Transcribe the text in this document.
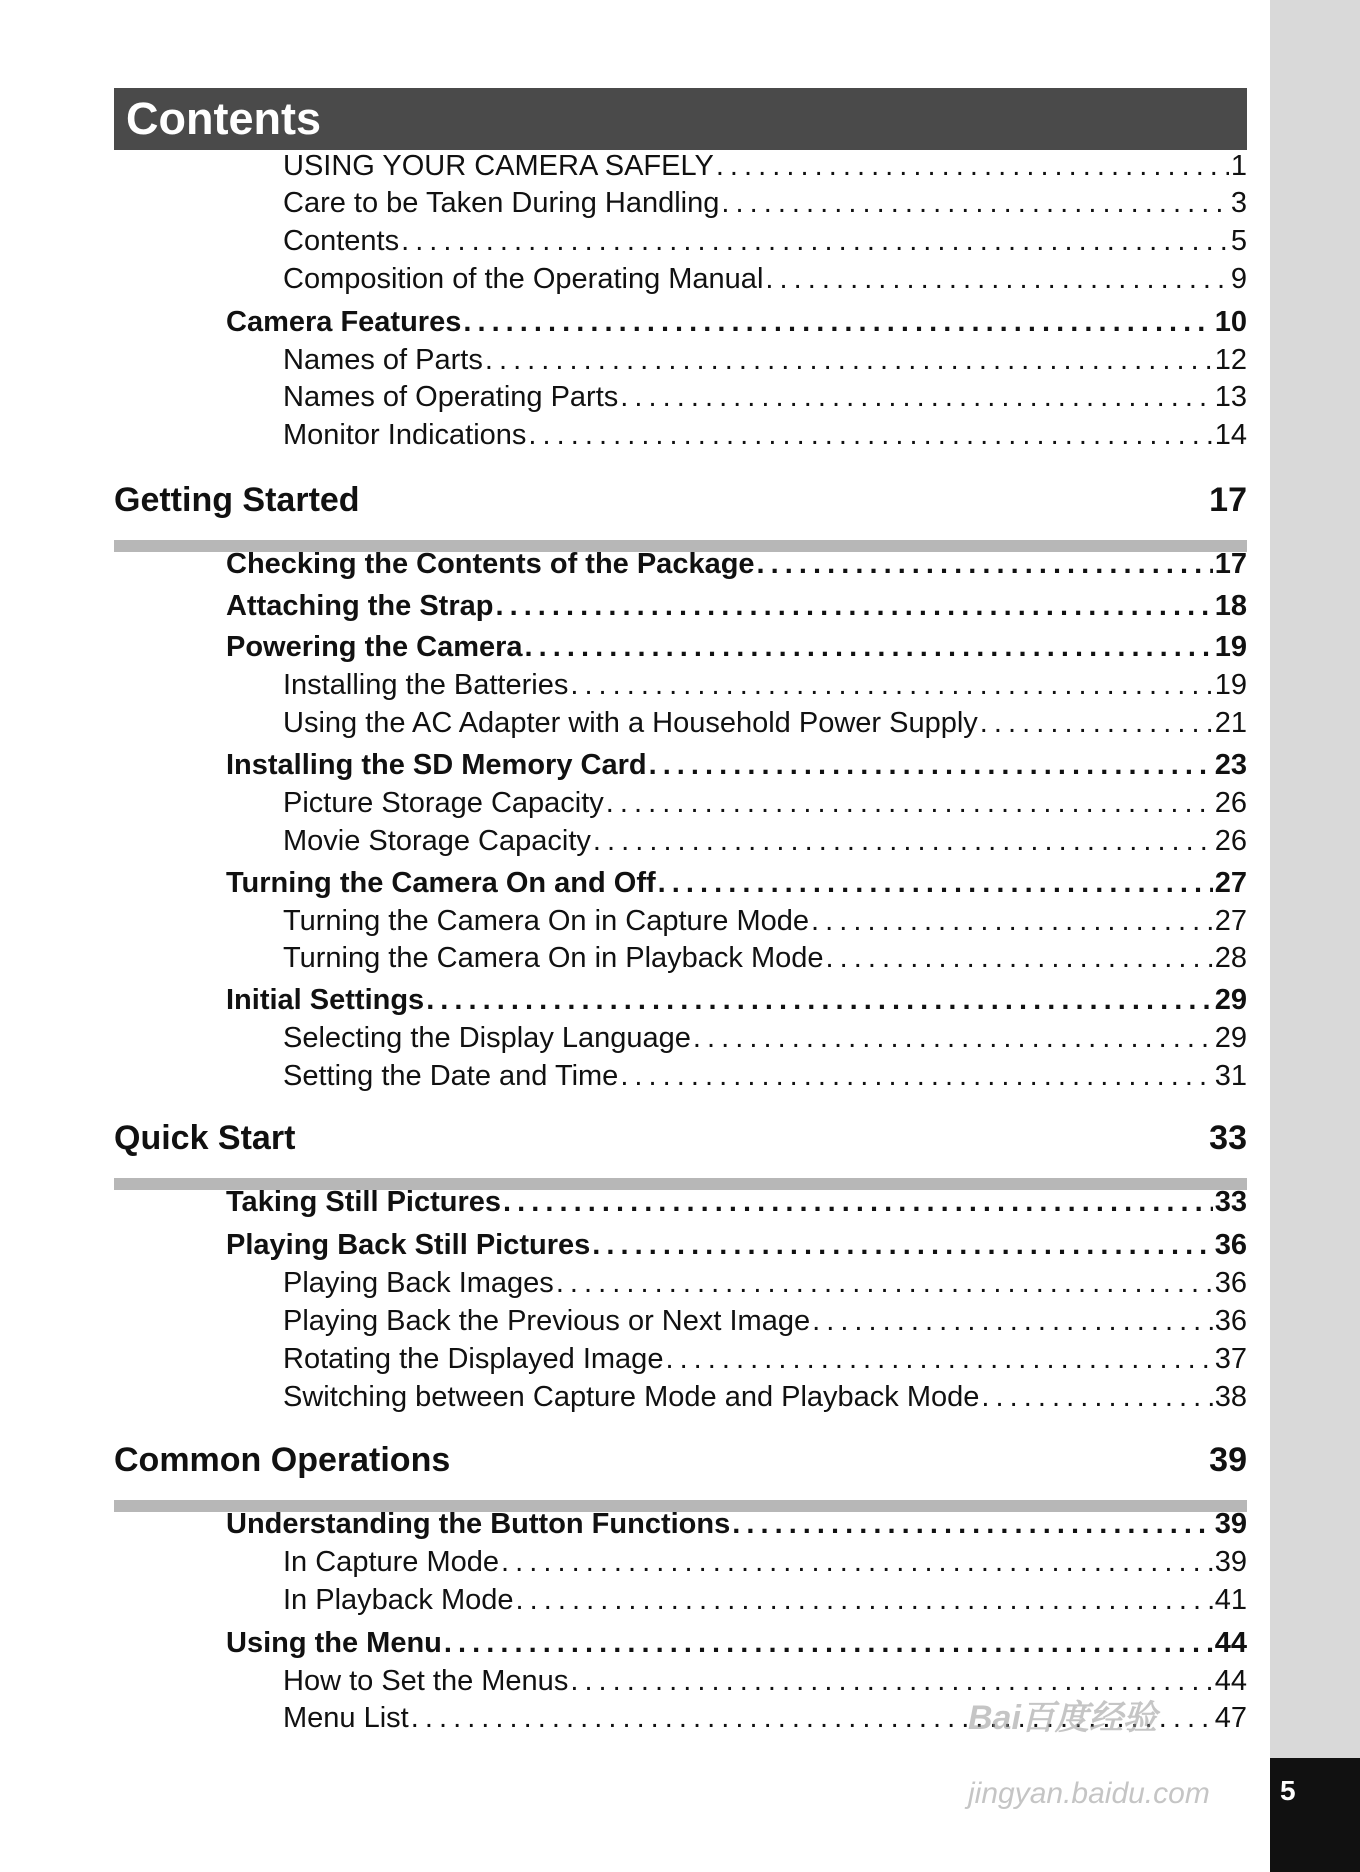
5
Contents
USING YOUR CAMERA SAFELY . . .	1
Care to be Taken During Handling . . .	3
Contents . . .	5
Composition of the Operating Manual . . .	9
Camera Features . . .	10
Names of Parts . . .	12
Names of Operating Parts . . .	13
Monitor Indications . . .	14
Getting Started	17
Checking the Contents of the Package . . .	17
Attaching the Strap . . .	18
Powering the Camera . . .	19
Installing the Batteries . . .	19
Using the AC Adapter with a Household Power Supply . . .	21
Installing the SD Memory Card . . .	23
Picture Storage Capacity . . .	26
Movie Storage Capacity . . .	26
Turning the Camera On and Off . . .	27
Turning the Camera On in Capture Mode . . .	27
Turning the Camera On in Playback Mode . . .	28
Initial Settings . . .	29
Selecting the Display Language . . .	29
Setting the Date and Time . . .	31
Quick Start	33
Taking Still Pictures . . .	33
Playing Back Still Pictures . . .	36
Playing Back Images . . .	36
Playing Back the Previous or Next Image . . .	36
Rotating the Displayed Image . . .	37
Switching between Capture Mode and Playback Mode . . .	38
Common Operations	39
Understanding the Button Functions . . .	39
In Capture Mode . . .	39
In Playback Mode . . .	41
Using the Menu . . .	44
How to Set the Menus . . .	44
Menu List . . .	47
Bai百度经验
jingyan.baidu.com
